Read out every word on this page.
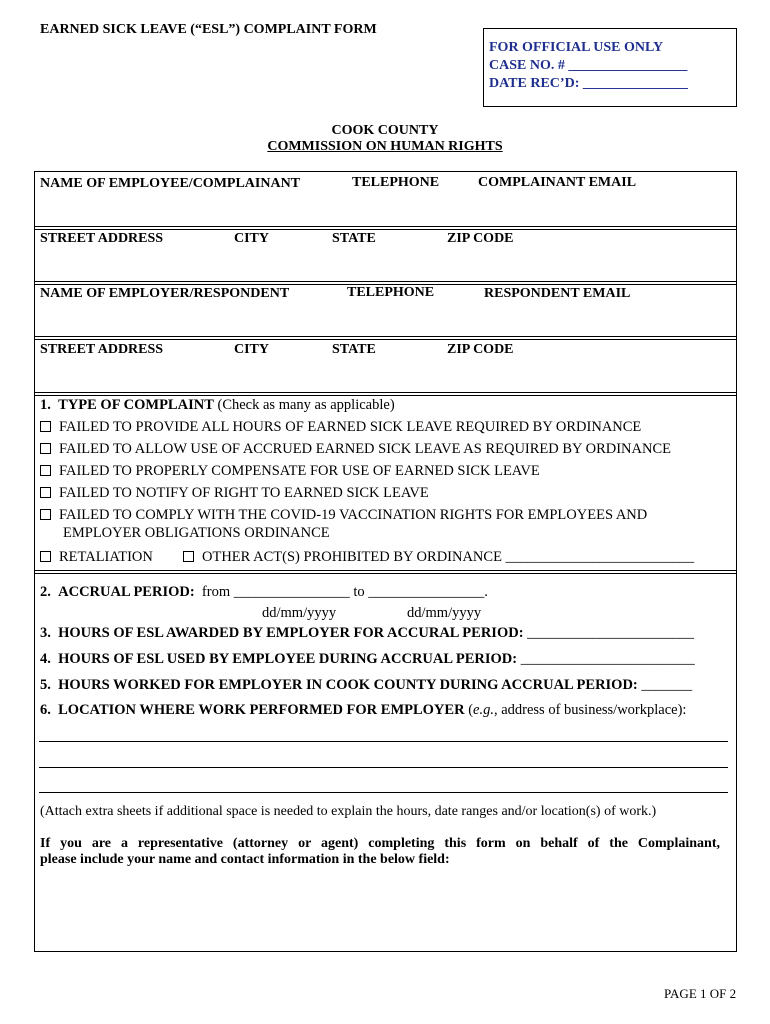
EARNED SICK LEAVE (“ESL”) COMPLAINT FORM
FOR OFFICIAL USE ONLY
CASE NO. # _________________
DATE REC’D: _______________
COOK COUNTY
COMMISSION ON HUMAN RIGHTS
NAME OF EMPLOYEE/COMPLAINANT	TELEPHONE	COMPLAINANT EMAIL
STREET ADDRESS	CITY	STATE	ZIP CODE
NAME OF EMPLOYER/RESPONDENT	TELEPHONE	RESPONDENT EMAIL
STREET ADDRESS	CITY	STATE	ZIP CODE
1. TYPE OF COMPLAINT (Check as many as applicable)
FAILED TO PROVIDE ALL HOURS OF EARNED SICK LEAVE REQUIRED BY ORDINANCE
FAILED TO ALLOW USE OF ACCRUED EARNED SICK LEAVE AS REQUIRED BY ORDINANCE
FAILED TO PROPERLY COMPENSATE FOR USE OF EARNED SICK LEAVE
FAILED TO NOTIFY OF RIGHT TO EARNED SICK LEAVE
FAILED TO COMPLY WITH THE COVID-19 VACCINATION RIGHTS FOR EMPLOYEES AND
EMPLOYER OBLIGATIONS ORDINANCE
RETALIATION	OTHER ACT(S) PROHIBITED BY ORDINANCE __________________________
2. ACCRUAL PERIOD: from ________________ to ________________.
dd/mm/yyyy	dd/mm/yyyy
3. HOURS OF ESL AWARDED BY EMPLOYER FOR ACCURAL PERIOD: _______________________
4. HOURS OF ESL USED BY EMPLOYEE DURING ACCRUAL PERIOD: ________________________
5. HOURS WORKED FOR EMPLOYER IN COOK COUNTY DURING ACCRUAL PERIOD: _______
6. LOCATION WHERE WORK PERFORMED FOR EMPLOYER (e.g., address of business/workplace):
(Attach extra sheets if additional space is needed to explain the hours, date ranges and/or location(s) of work.)
If you are a representative (attorney or agent) completing this form on behalf of the Complainant,
please include your name and contact information in the below field:
PAGE 1 OF 2
